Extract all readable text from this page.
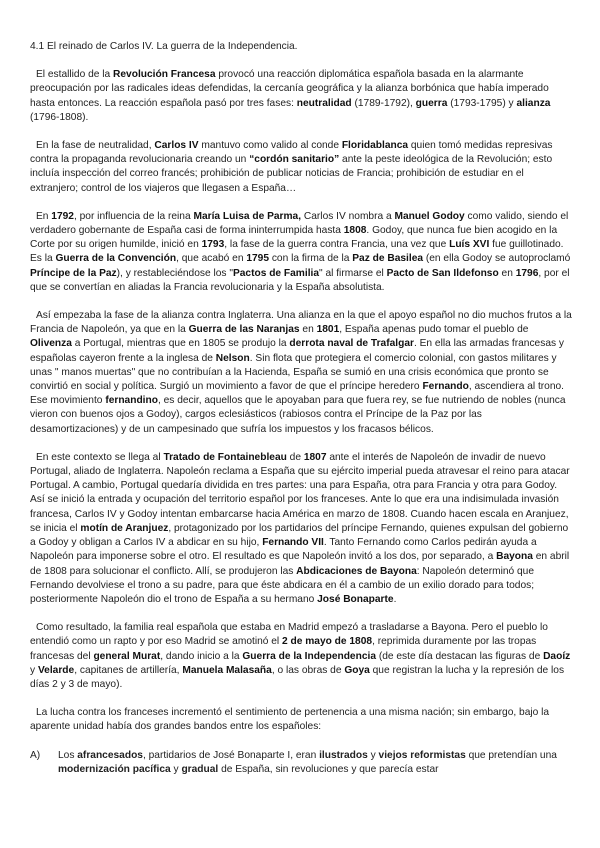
4.1 El reinado de Carlos IV. La guerra de la Independencia.

El estallido de la Revolución Francesa provocó una reacción diplomática española basada en la alarmante preocupación por las radicales ideas defendidas, la cercanía geográfica y la alianza borbónica que había imperado hasta entonces. La reacción española pasó por tres fases: neutralidad (1789-1792), guerra (1793-1795) y alianza (1796-1808).

En la fase de neutralidad, Carlos IV mantuvo como valido al conde Floridablanca quien tomó medidas represivas contra la propaganda revolucionaria creando un “cordón sanitario” ante la peste ideológica de la Revolución; esto incluía inspección del correo francés; prohibición de publicar noticias de Francia; prohibición de estudiar en el extranjero; control de los viajeros que llegasen a España…

En 1792, por influencia de la reina María Luisa de Parma, Carlos IV nombra a Manuel Godoy como valido, siendo el verdadero gobernante de España casi de forma ininterrumpida hasta 1808. Godoy, que nunca fue bien acogido en la Corte por su origen humilde, inició en 1793, la fase de la guerra contra Francia, una vez que Luís XVI fue guillotinado. Es la Guerra de la Convención, que acabó en 1795 con la firma de la Paz de Basilea (en ella Godoy se autoproclamó Príncipe de la Paz), y restableciéndose los "Pactos de Familia" al firmarse el Pacto de San Ildefonso en 1796, por el que se convertían en aliadas la Francia revolucionaria y la España absolutista.

Así empezaba la fase de la alianza contra Inglaterra. Una alianza en la que el apoyo español no dio muchos frutos a la Francia de Napoleón, ya que en la Guerra de las Naranjas en 1801, España apenas pudo tomar el pueblo de Olivenza a Portugal, mientras que en 1805 se produjo la derrota naval de Trafalgar. En ella las armadas francesas y españolas cayeron frente a la inglesa de Nelson. Sin flota que protegiera el comercio colonial, con gastos militares y unas " manos muertas" que no contribuían a la Hacienda, España se sumió en una crisis económica que pronto se convirtió en social y política. Surgió un movimiento a favor de que el príncipe heredero Fernando, ascendiera al trono. Ese movimiento fernandino, es decir, aquellos que le apoyaban para que fuera rey, se fue nutriendo de nobles (nunca vieron con buenos ojos a Godoy), cargos eclesiásticos (rabiosos contra el Príncipe de la Paz por las desamortizaciones) y de un campesinado que sufría los impuestos y los fracasos bélicos.

En este contexto se llega al Tratado de Fontainebleau de 1807 ante el interés de Napoleón de invadir de nuevo Portugal, aliado de Inglaterra. Napoleón reclama a España que su ejército imperial pueda atravesar el reino para atacar Portugal. A cambio, Portugal quedaría dividida en tres partes: una para España, otra para Francia y otra para Godoy. Así se inició la entrada y ocupación del territorio español por los franceses. Ante lo que era una indisimulada invasión francesa, Carlos IV y Godoy intentan embarcarse hacia América en marzo de 1808. Cuando hacen escala en Aranjuez, se inicia el motín de Aranjuez, protagonizado por los partidarios del príncipe Fernando, quienes expulsan del gobierno a Godoy y obligan a Carlos IV a abdicar en su hijo, Fernando VII. Tanto Fernando como Carlos pedirán ayuda a Napoleón para imponerse sobre el otro. El resultado es que Napoleón invitó a los dos, por separado, a Bayona en abril de 1808 para solucionar el conflicto. Allí, se produjeron las Abdicaciones de Bayona: Napoleón determinó que Fernando devolviese el trono a su padre, para que éste abdicara en él a cambio de un exilio dorado para todos; posteriormente Napoleón dio el trono de España a su hermano José Bonaparte.

Como resultado, la familia real española que estaba en Madrid empezó a trasladarse a Bayona. Pero el pueblo lo entendió como un rapto y por eso Madrid se amotinó el 2 de mayo de 1808, reprimida duramente por las tropas francesas del general Murat, dando inicio a la Guerra de la Independencia (de este día destacan las figuras de Daoíz y Velarde, capitanes de artillería, Manuela Malasaña, o las obras de Goya que registran la lucha y la represión de los días 2 y 3 de mayo).

La lucha contra los franceses incrementó el sentimiento de pertenencia a una misma nación; sin embargo, bajo la aparente unidad había dos grandes bandos entre los españoles:

A)	Los afrancesados, partidarios de José Bonaparte I, eran ilustrados y viejos reformistas que pretendían una modernización pacífica y gradual de España, sin revoluciones y que parecía estar
